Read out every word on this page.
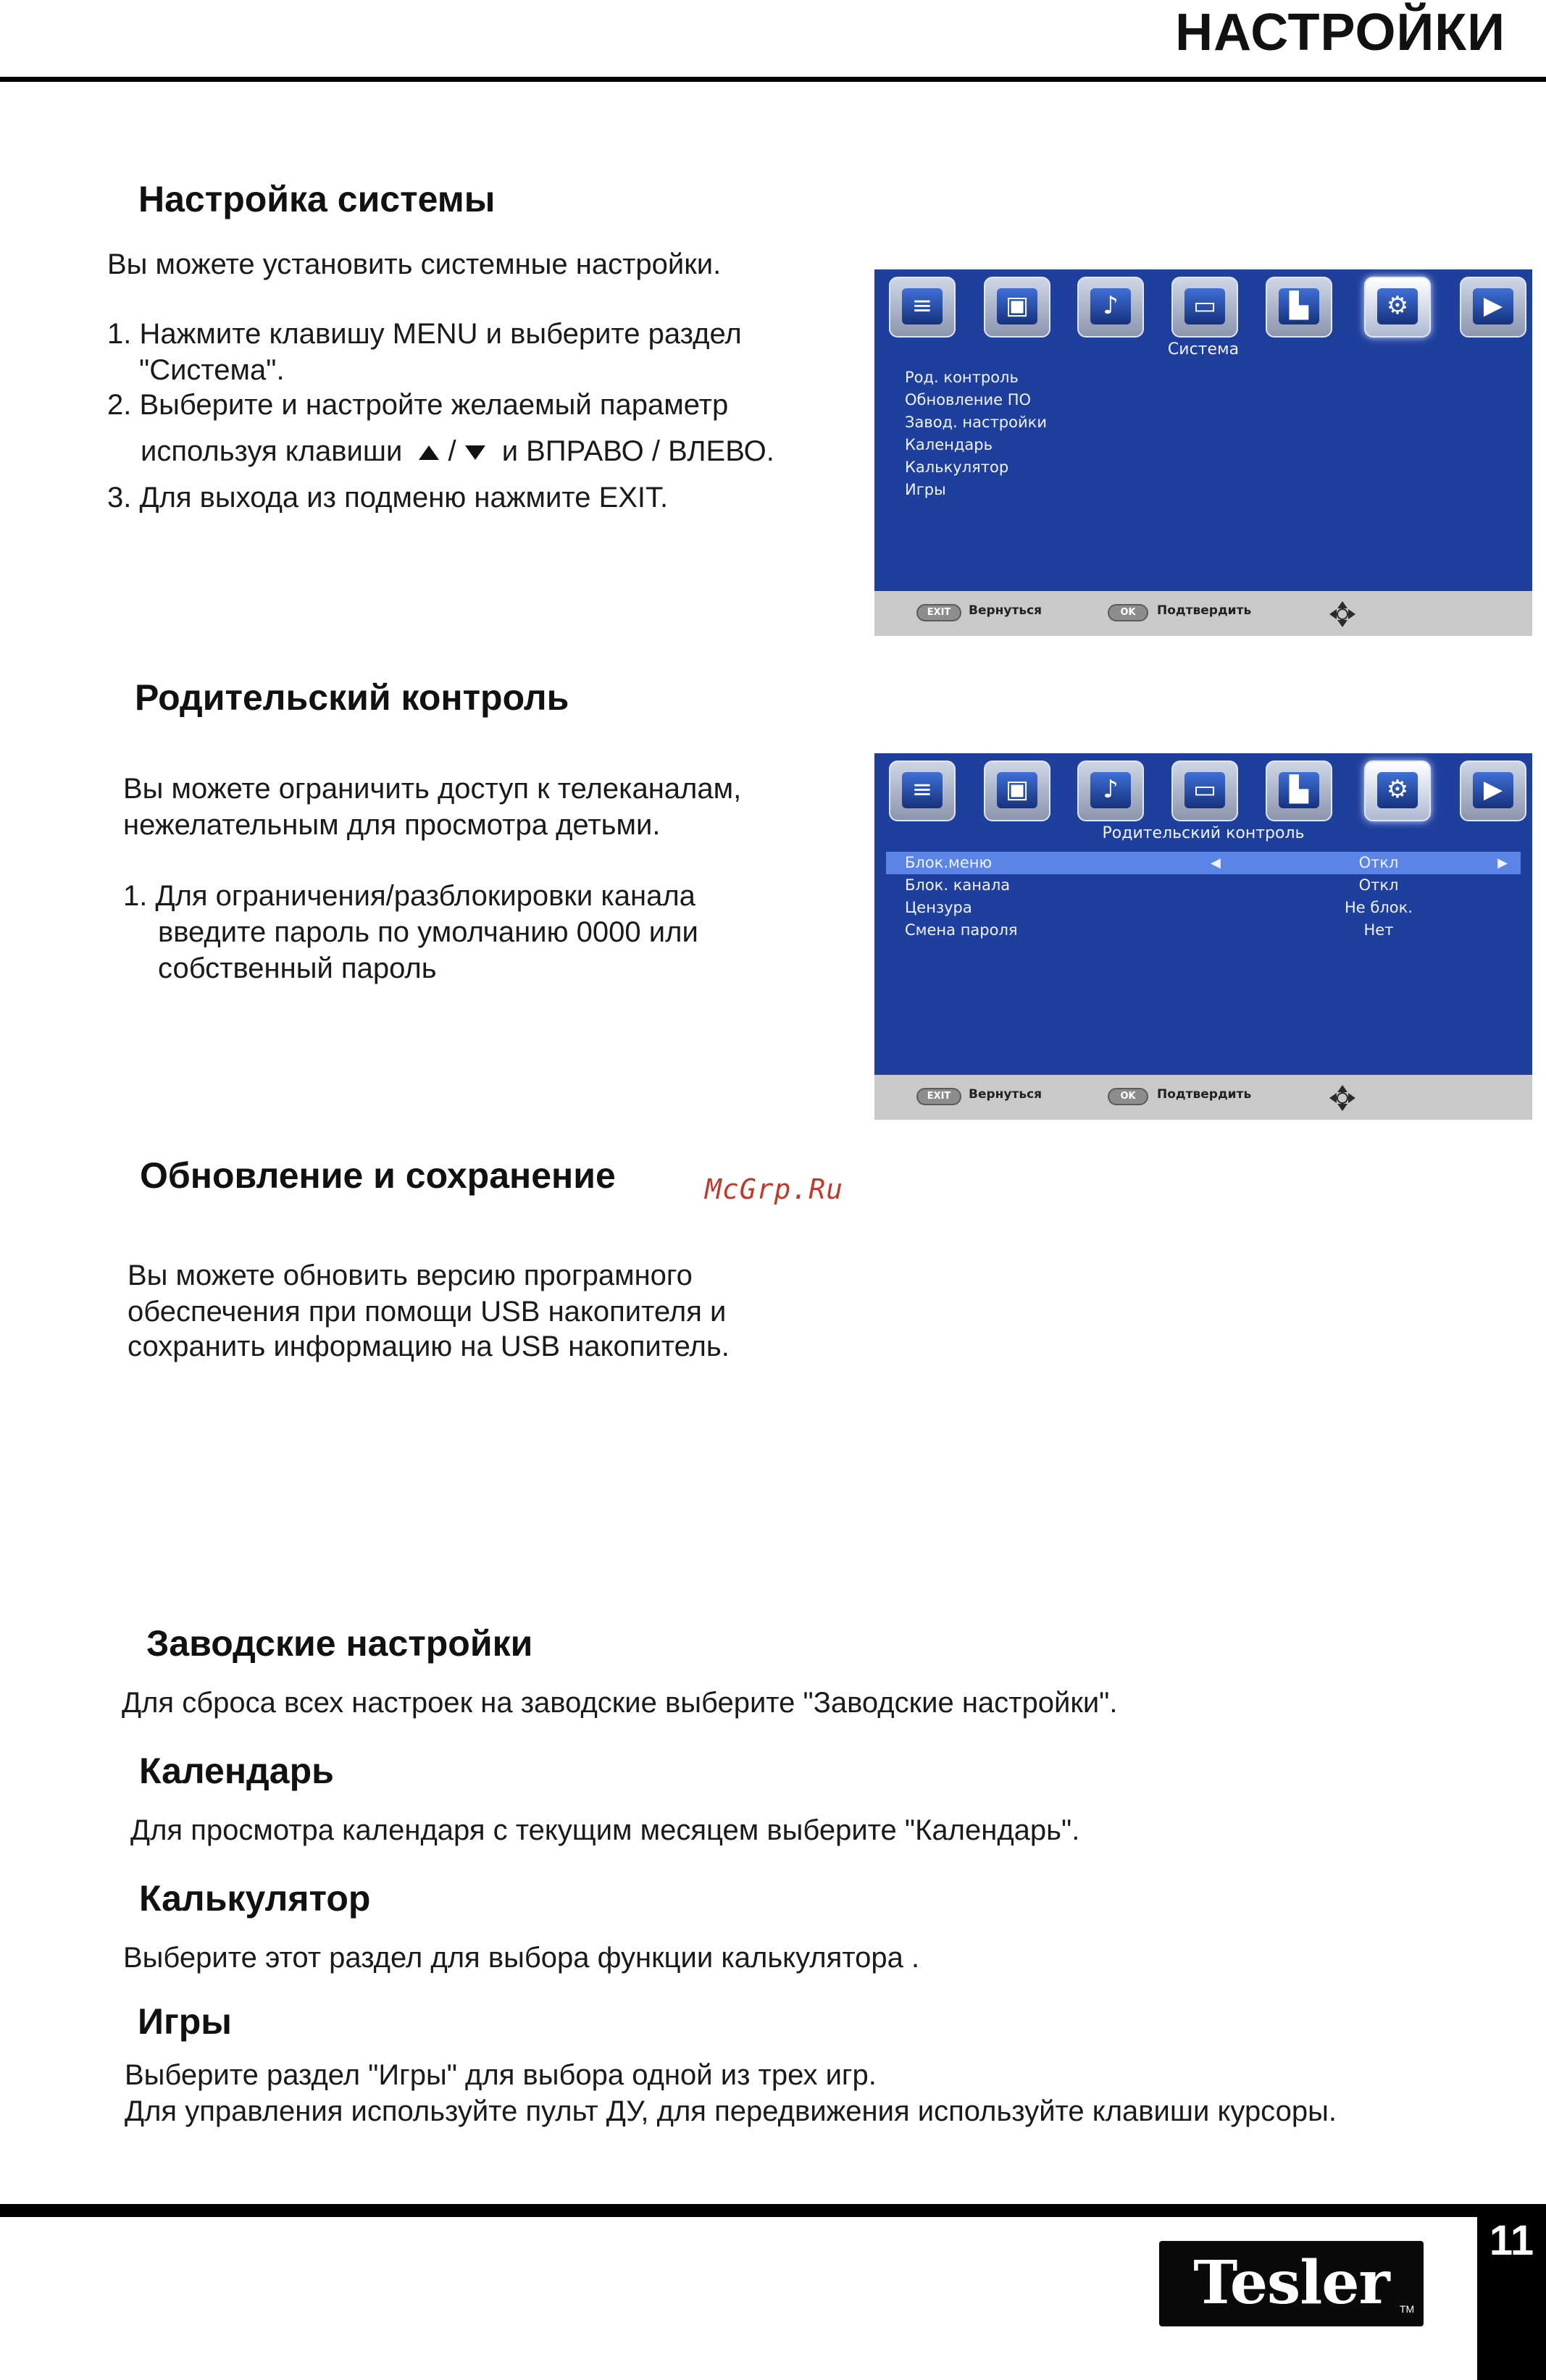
НАСТРОЙКИ
Настройка системы
Вы можете установить системные настройки.
1. Нажмите клавишу MENU и выберите раздел
"Система".
2. Выберите и настройте желаемый параметр
используя клавиши / и ВПРАВО / ВЛЕВО.
3. Для выхода из подменю нажмите EXIT.
≡	▣	♪	▭	▙	⚙	▶
Система
Род. контроль
Обновление ПО
Завод. настройки
Календарь
Калькулятор
Игры
EXIT	Вернуться	OK	Подтвердить
Родительский контроль
Вы можете ограничить доступ к телеканалам,
нежелательным для просмотра детьми.
1. Для ограничения/разблокировки канала
введите пароль по умолчанию 0000 или
собственный пароль
≡	▣	♪	▭	▙	⚙	▶
Родительский контроль
Блок.меню	◀	Откл	▶
Блок. канала	Откл
Цензура	Не блок.
Смена пароля	Нет
EXIT	Вернуться	OK	Подтвердить
Обновление и сохранение	McGrp.Ru
Вы можете обновить версию програмного
обеспечения при помощи USB накопителя и
сохранить информацию на USB накопитель.
Заводские настройки
Для сброса всех настроек на заводские выберите "Заводские настройки".
Календарь
Для просмотра календаря с текущим месяцем выберите "Календарь".
Калькулятор
Выберите этот раздел для выбора функции калькулятора .
Игры
Выберите раздел "Игры" для выбора одной из трех игр.
Для управления используйте пульт ДУ, для передвижения используйте клавиши курсоры.
Tesler	TM
11
